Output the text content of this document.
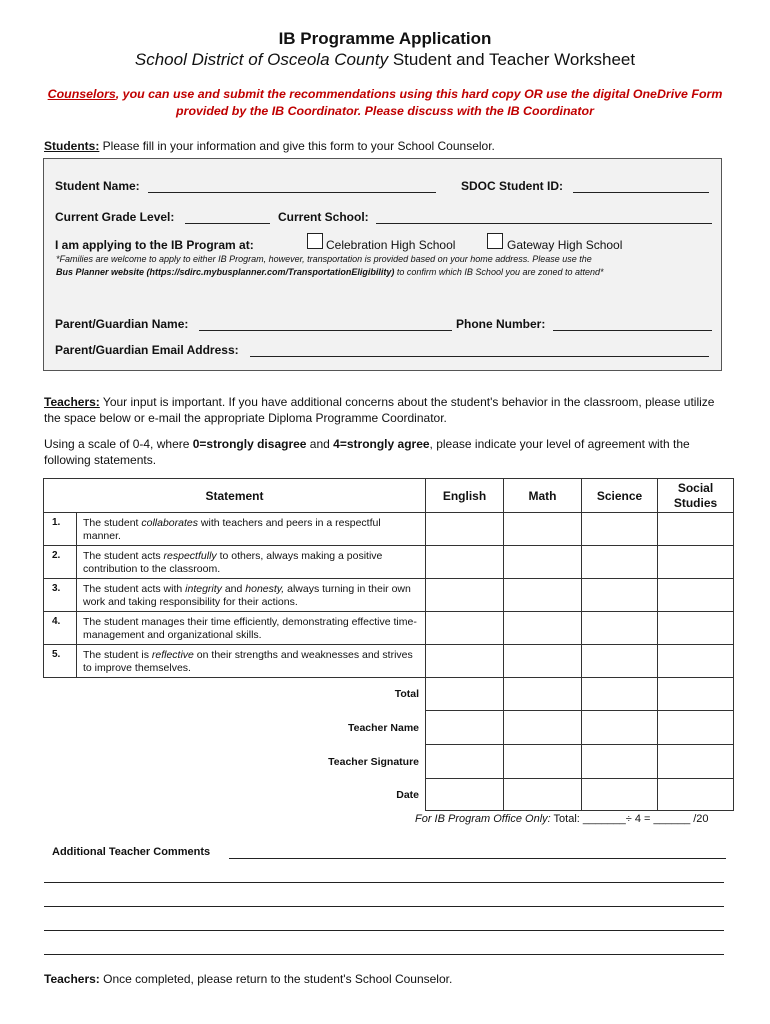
IB Programme Application
School District of Osceola County Student and Teacher Worksheet
Counselors, you can use and submit the recommendations using this hard copy OR use the digital OneDrive Form provided by the IB Coordinator. Please discuss with the IB Coordinator
Students: Please fill in your information and give this form to your School Counselor.
Student Name:	SDOC Student ID:
Current Grade Level:	Current School:
I am applying to the IB Program at:	Celebration High School	Gateway High School
*Families are welcome to apply to either IB Program, however, transportation is provided based on your home address. Please use the
Bus Planner website (https://sdirc.mybusplanner.com/TransportationEligibility) to confirm which IB School you are zoned to attend*
Parent/Guardian Name:	Phone Number:
Parent/Guardian Email Address:
Teachers: Your input is important. If you have additional concerns about the student's behavior in the classroom, please utilize the space below or e-mail the appropriate Diploma Programme Coordinator.
Using a scale of 0-4, where 0=strongly disagree and 4=strongly agree, please indicate your level of agreement with the following statements.
Statement		English	Math	Science	Social Studies
1.	The student collaborates with teachers and peers in a respectful manner.				
2.	The student acts respectfully to others, always making a positive contribution to the classroom.				
3.	The student acts with integrity and honesty, always turning in their own work and taking responsibility for their actions.				
4.	The student manages their time efficiently, demonstrating effective time-management and organizational skills.				
5.	The student is reflective on their strengths and weaknesses and strives to improve themselves.				
Total					
Teacher Name					
Teacher Signature					
Date					
For IB Program Office Only: Total: _______÷ 4 = ______ /20
Additional Teacher Comments
Teachers: Once completed, please return to the student's School Counselor.
